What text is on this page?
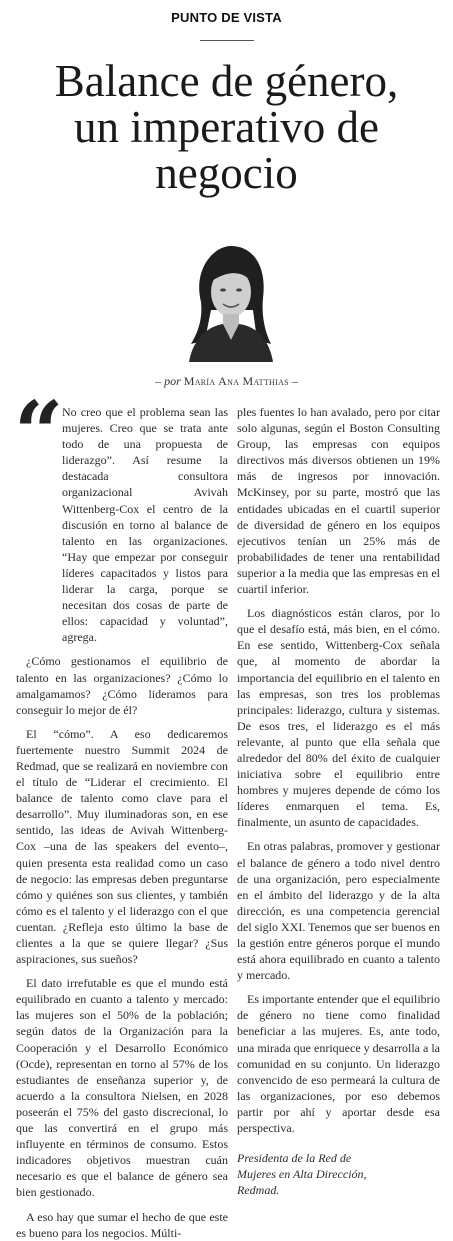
PUNTO DE VISTA
Balance de género,
un imperativo de
negocio
– por María Ana Matthias –
“

No creo que el problema sean las mujeres. Creo que se trata ante todo de una propuesta de liderazgo”. Así resume la destacada consultora organizacional Avivah Wittenberg-Cox el centro de la discusión en torno al balance de talento en las organizaciones. “Hay que empezar por conseguir líderes capacitados y listos para liderar la carga, porque se necesitan dos cosas de parte de ellos: capacidad y voluntad”, agrega.

¿Cómo gestionamos el equilibrio de talento en las organizaciones? ¿Cómo lo amalgamamos? ¿Cómo lideramos para conseguir lo mejor de él?

El “cómo”. A eso dedicaremos fuertemente nuestro Summit 2024 de Redmad, que se realizará en noviembre con el título de “Liderar el crecimiento. El balance de talento como clave para el desarrollo”. Muy iluminadoras son, en ese sentido, las ideas de Avivah Wittenberg-Cox –una de las speakers del evento–, quien presenta esta realidad como un caso de negocio: las empresas deben preguntarse cómo y quiénes son sus clientes, y también cómo es el talento y el liderazgo con el que cuentan. ¿Refleja esto último la base de clientes a la que se quiere llegar? ¿Sus aspiraciones, sus sueños?

El dato irrefutable es que el mundo está equilibrado en cuanto a talento y mercado: las mujeres son el 50% de la población; según datos de la Organización para la Cooperación y el Desarrollo Económico (Ocde), representan en torno al 57% de los estudiantes de enseñanza superior y, de acuerdo a la consultora Nielsen, en 2028 poseerán el 75% del gasto discrecional, lo que las convertirá en el grupo más influyente en términos de consumo. Estos indicadores objetivos muestran cuán necesario es que el balance de género sea bien gestionado.

A eso hay que sumar el hecho de que este es bueno para los negocios. Múlti-

ples fuentes lo han avalado, pero por citar solo algunas, según el Boston Consulting Group, las empresas con equipos directivos más diversos obtienen un 19% más de ingresos por innovación. McKinsey, por su parte, mostró que las entidades ubicadas en el cuartil superior de diversidad de género en los equipos ejecutivos tenían un 25% más de probabilidades de tener una rentabilidad superior a la media que las empresas en el cuartil inferior.

Los diagnósticos están claros, por lo que el desafío está, más bien, en el cómo. En ese sentido, Wittenberg-Cox señala que, al momento de abordar la importancia del equilibrio en el talento en las empresas, son tres los problemas principales: liderazgo, cultura y sistemas. De esos tres, el liderazgo es el más relevante, al punto que ella señala que alrededor del 80% del éxito de cualquier iniciativa sobre el equilibrio entre hombres y mujeres depende de cómo los líderes enmarquen el tema. Es, finalmente, un asunto de capacidades.

En otras palabras, promover y gestionar el balance de género a todo nivel dentro de una organización, pero especialmente en el ámbito del liderazgo y de la alta dirección, es una competencia gerencial del siglo XXI. Tenemos que ser buenos en la gestión entre géneros porque el mundo está ahora equilibrado en cuanto a talento y mercado.

Es importante entender que el equilibrio de género no tiene como finalidad beneficiar a las mujeres. Es, ante todo, una mirada que enriquece y desarrolla a la comunidad en su conjunto. Un liderazgo convencido de eso permeará la cultura de las organizaciones, por eso debemos partir por ahí y aportar desde esa perspectiva.

Presidenta de la Red de
Mujeres en Alta Dirección,
Redmad.
